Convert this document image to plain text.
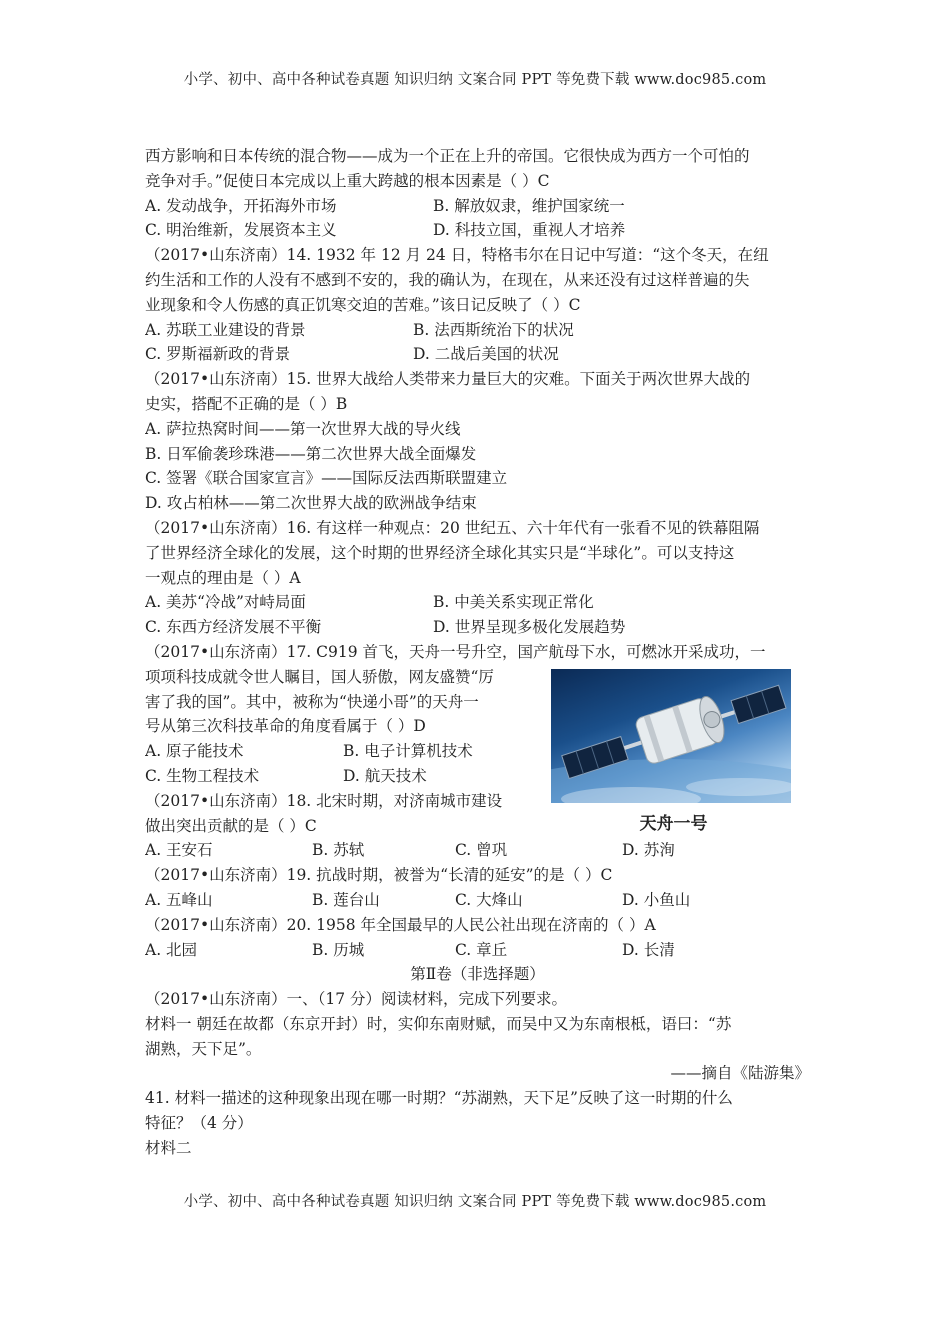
小学、初中、高中各种试卷真题 知识归纳 文案合同 PPT 等免费下载 www.doc985.com
西方影响和日本传统的混合物——成为一个正在上升的帝国。它很快成为西方一个可怕的
竞争对手。”促使日本完成以上重大跨越的根本因素是（ ）C
A. 发动战争，开拓海外市场	B. 解放奴隶，维护国家统一
C. 明治维新，发展资本主义	D. 科技立国，重视人才培养
（2017•山东济南）14. 1932 年 12 月 24 日，特格韦尔在日记中写道：“这个冬天，在纽
约生活和工作的人没有不感到不安的，我的确认为，在现在，从来还没有过这样普遍的失
业现象和令人伤感的真正饥寒交迫的苦难。”该日记反映了（ ）C
A. 苏联工业建设的背景	B. 法西斯统治下的状况
C. 罗斯福新政的背景	D. 二战后美国的状况
（2017•山东济南）15. 世界大战给人类带来力量巨大的灾难。下面关于两次世界大战的
史实，搭配不正确的是（ ）B
A. 萨拉热窝时间——第一次世界大战的导火线
B. 日军偷袭珍珠港——第二次世界大战全面爆发
C. 签署《联合国家宣言》——国际反法西斯联盟建立
D. 攻占柏林——第二次世界大战的欧洲战争结束
（2017•山东济南）16. 有这样一种观点：20 世纪五、六十年代有一张看不见的铁幕阻隔
了世界经济全球化的发展，这个时期的世界经济全球化其实只是“半球化”。可以支持这
一观点的理由是（ ）A
A. 美苏“冷战”对峙局面	B. 中美关系实现正常化
C. 东西方经济发展不平衡	D. 世界呈现多极化发展趋势
（2017•山东济南）17. C919 首飞，天舟一号升空，国产航母下水，可燃冰开采成功，一
项项科技成就令世人瞩目，国人骄傲，网友盛赞“厉
害了我的国”。其中，被称为“快递小哥”的天舟一
号从第三次科技革命的角度看属于（ ）D
A. 原子能技术	B. 电子计算机技术
C. 生物工程技术	D. 航天技术
（2017•山东济南）18. 北宋时期，对济南城市建设
做出突出贡献的是（ ）C	天舟一号
A. 王安石	B. 苏轼	C. 曾巩	D. 苏洵
（2017•山东济南）19. 抗战时期，被誉为“长清的延安”的是（ ）C
A. 五峰山	B. 莲台山	C. 大烽山	D. 小鱼山
（2017•山东济南）20. 1958 年全国最早的人民公社出现在济南的（ ）A
A. 北园	B. 历城	C. 章丘	D. 长清
第Ⅱ卷（非选择题）
（2017•山东济南）一、（17 分）阅读材料，完成下列要求。
材料一 朝廷在故都（东京开封）时，实仰东南财赋，而吴中又为东南根柢，语曰：“苏
湖熟，天下足”。
——摘自《陆游集》
41. 材料一描述的这种现象出现在哪一时期？“苏湖熟，天下足”反映了这一时期的什么
特征？（4 分）
材料二
小学、初中、高中各种试卷真题 知识归纳 文案合同 PPT 等免费下载 www.doc985.com
